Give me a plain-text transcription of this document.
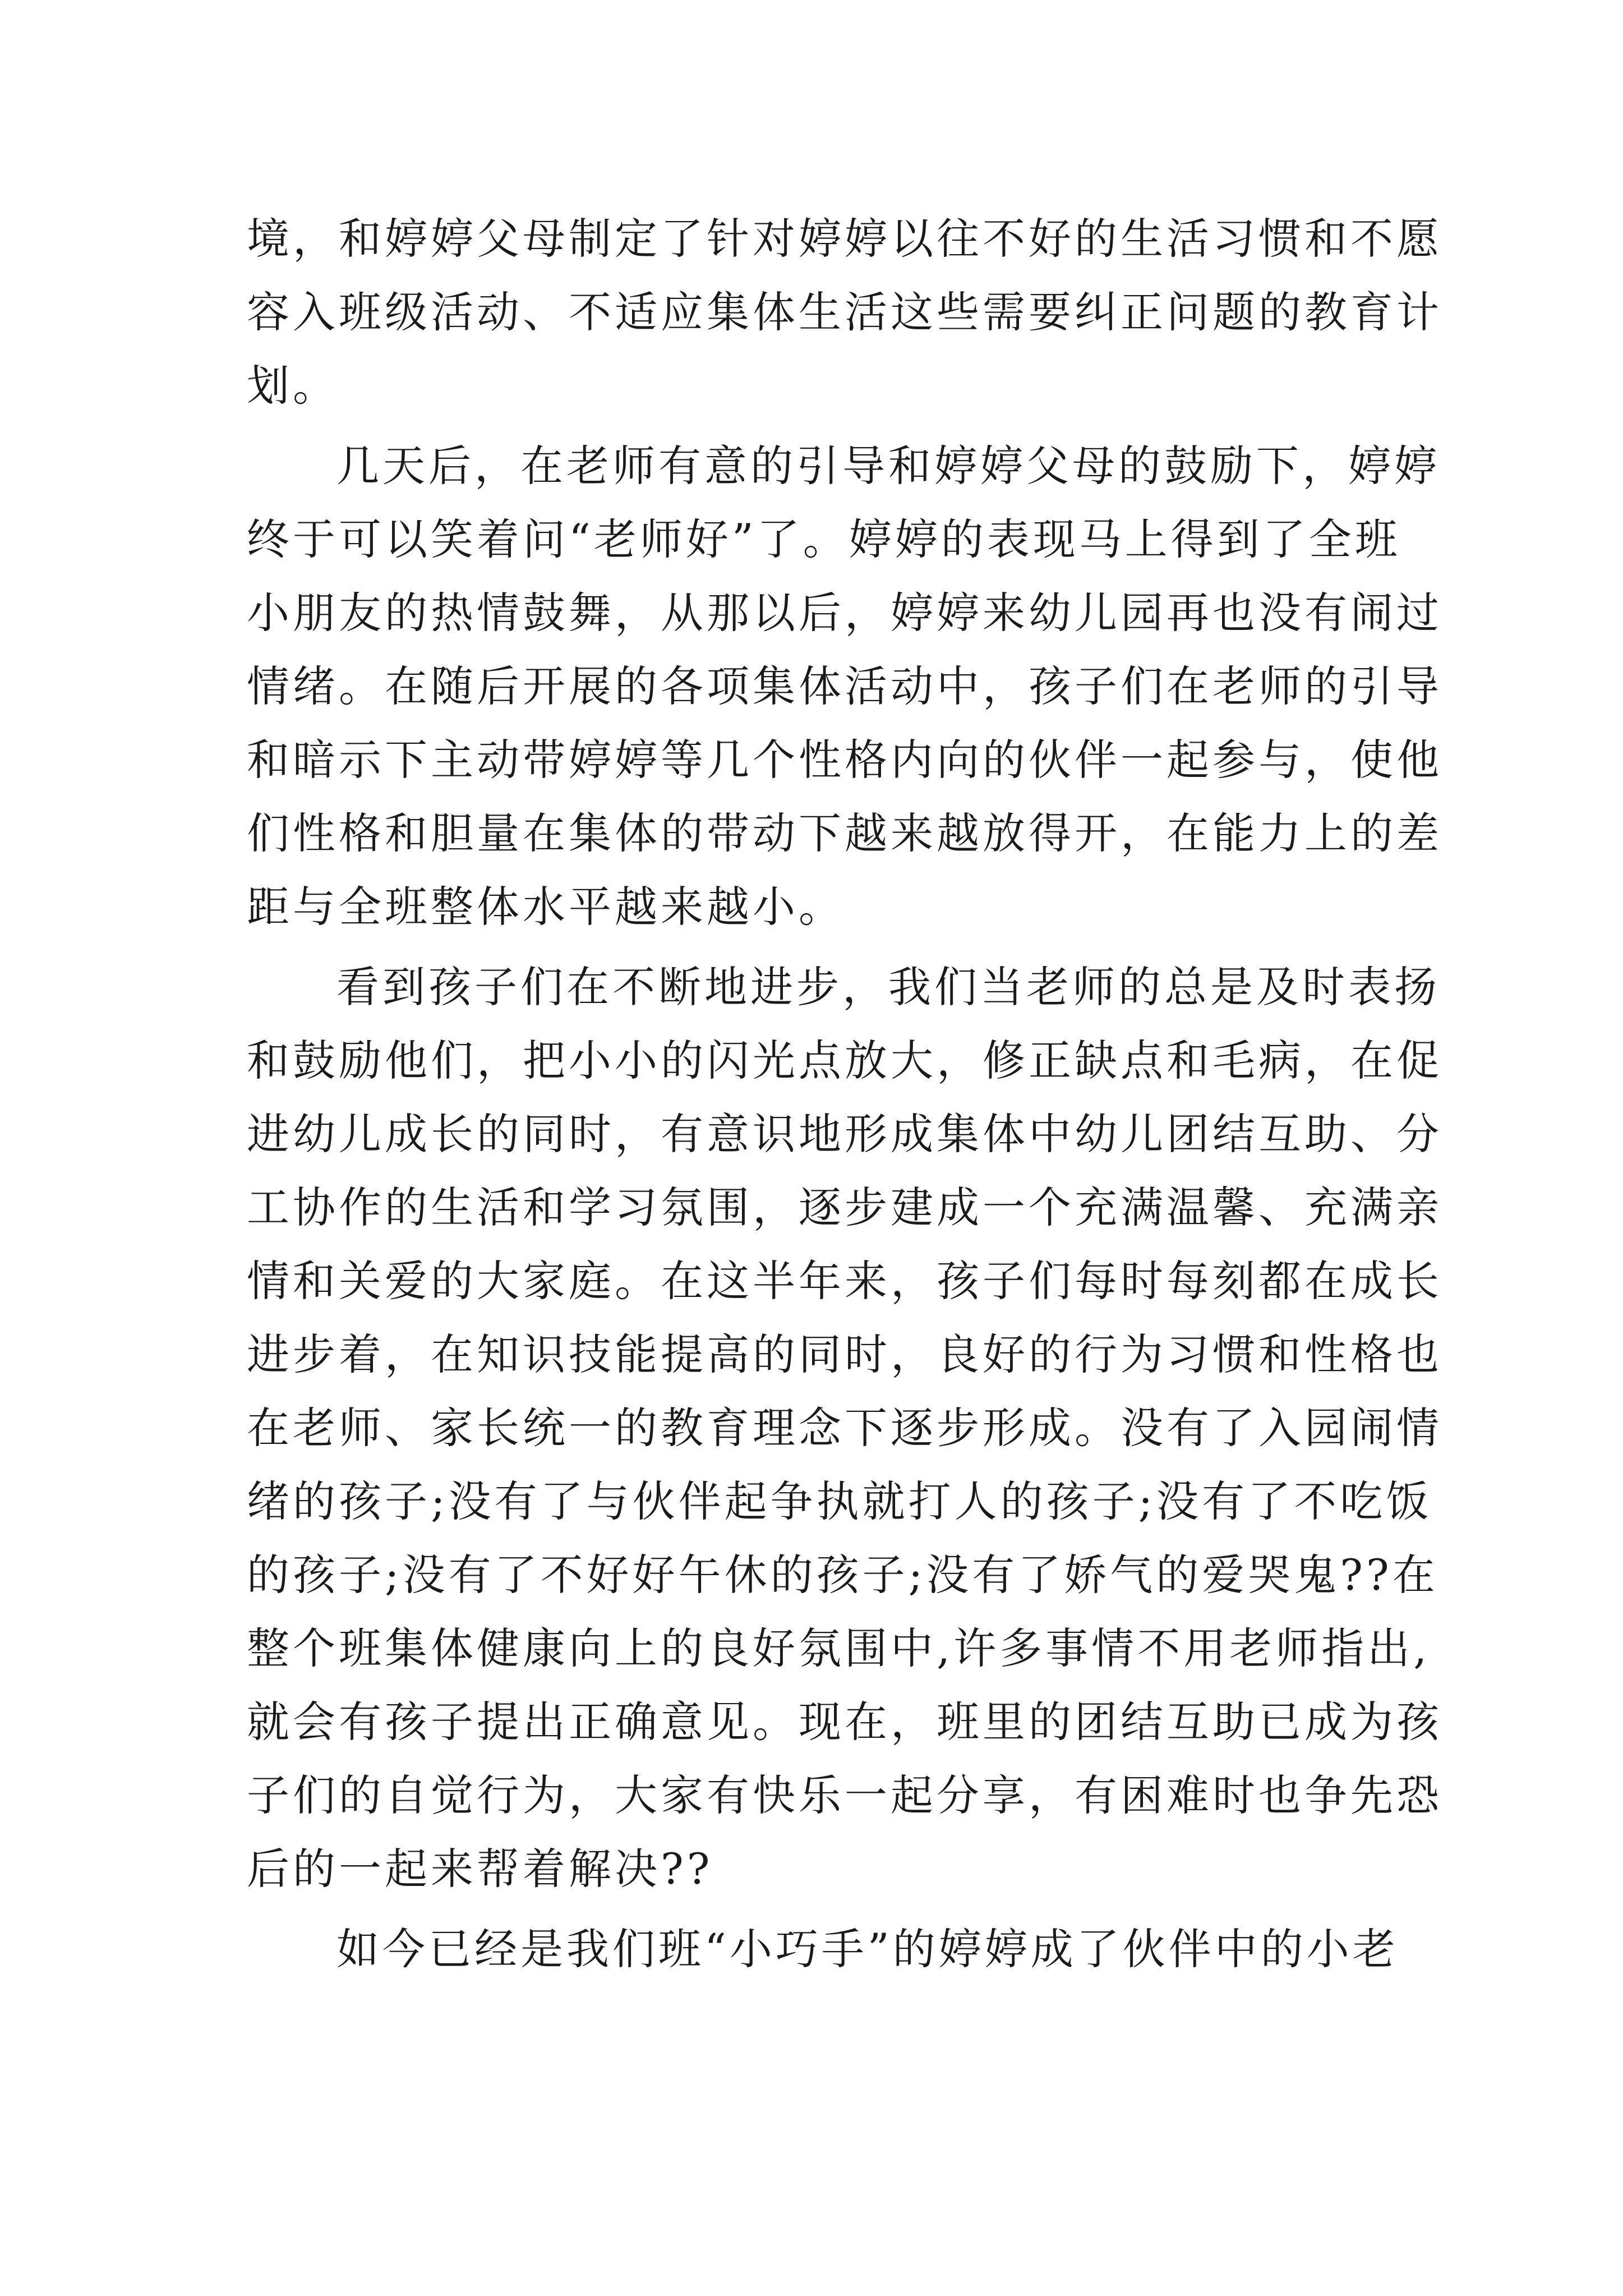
境，和婷婷父母制定了针对婷婷以往不好的生活习惯和不愿
容入班级活动、不适应集体生活这些需要纠正问题的教育计
划。
几天后，在老师有意的引导和婷婷父母的鼓励下，婷婷
终于可以笑着问“老师好”了。婷婷的表现马上得到了全班
小朋友的热情鼓舞，从那以后，婷婷来幼儿园再也没有闹过
情绪。在随后开展的各项集体活动中，孩子们在老师的引导
和暗示下主动带婷婷等几个性格内向的伙伴一起参与，使他
们性格和胆量在集体的带动下越来越放得开，在能力上的差
距与全班整体水平越来越小。
看到孩子们在不断地进步，我们当老师的总是及时表扬
和鼓励他们，把小小的闪光点放大，修正缺点和毛病，在促
进幼儿成长的同时，有意识地形成集体中幼儿团结互助、分
工协作的生活和学习氛围，逐步建成一个充满温馨、充满亲
情和关爱的大家庭。在这半年来，孩子们每时每刻都在成长
进步着，在知识技能提高的同时，良好的行为习惯和性格也
在老师、家长统一的教育理念下逐步形成。没有了入园闹情
绪的孩子;没有了与伙伴起争执就打人的孩子;没有了不吃饭
的孩子;没有了不好好午休的孩子;没有了娇气的爱哭鬼??在
整个班集体健康向上的良好氛围中,许多事情不用老师指出,
就会有孩子提出正确意见。现在，班里的团结互助已成为孩
子们的自觉行为，大家有快乐一起分享，有困难时也争先恐
后的一起来帮着解决??
如今已经是我们班“小巧手”的婷婷成了伙伴中的小老
